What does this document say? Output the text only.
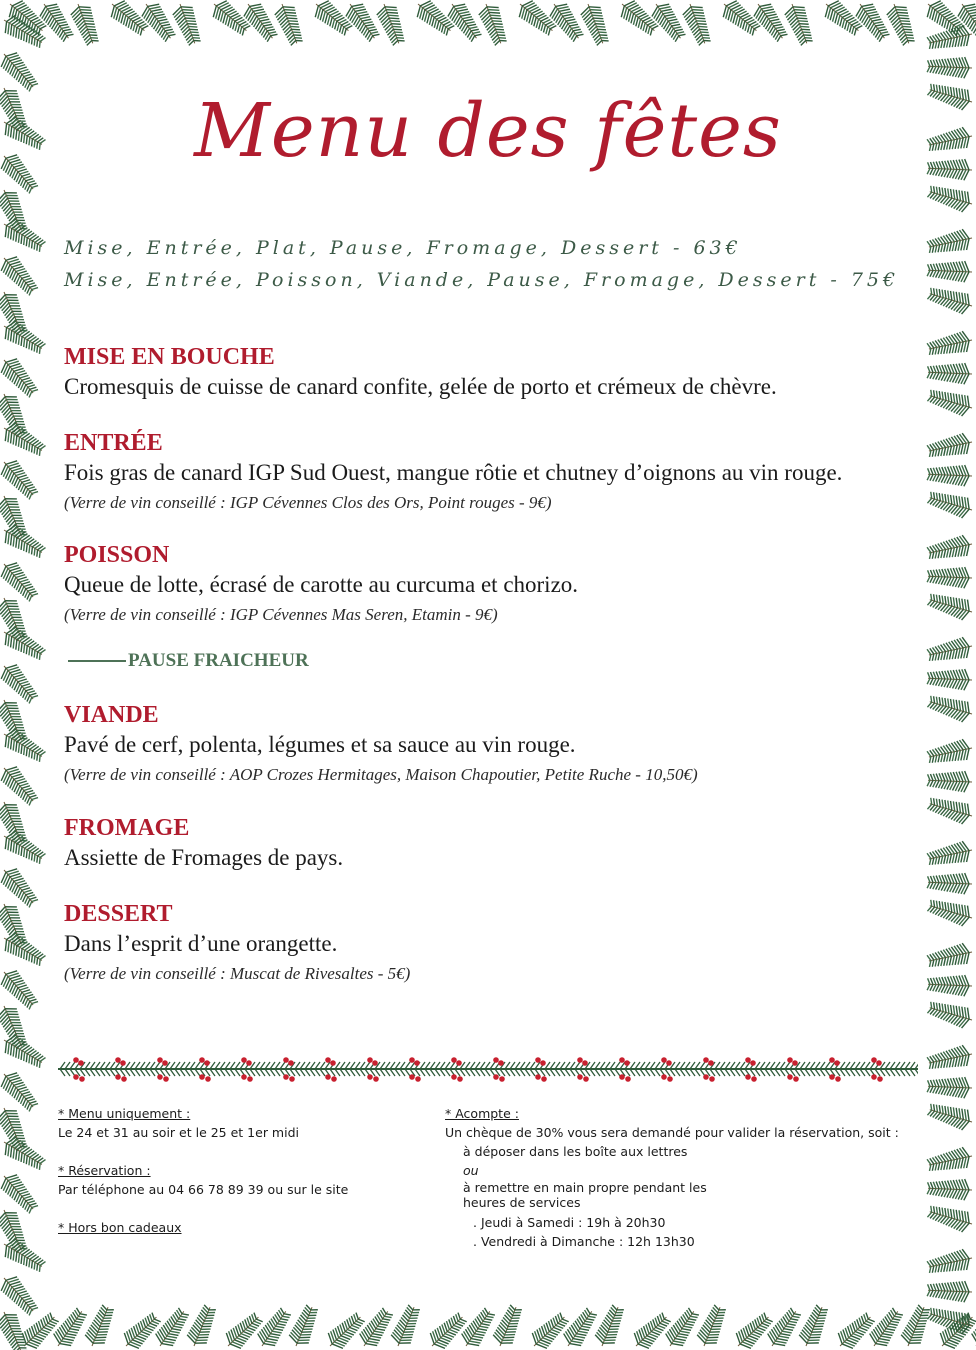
Menu des fêtes
Mise, Entrée, Plat, Pause, Fromage, Dessert - 63€
Mise, Entrée, Poisson, Viande, Pause, Fromage, Dessert - 75€
MISE EN BOUCHE
Cromesquis de cuisse de canard confite, gelée de porto et crémeux de chèvre.
ENTRÉE
Fois gras de canard IGP Sud Ouest, mangue rôtie et chutney d’oignons au vin rouge.
(Verre de vin conseillé : IGP Cévennes Clos des Ors, Point rouges - 9€)
POISSON
Queue de lotte, écrasé de carotte au curcuma et chorizo.
(Verre de vin conseillé : IGP Cévennes Mas Seren, Etamin - 9€)
VIANDE
Pavé de cerf, polenta, légumes et sa sauce au vin rouge.
(Verre de vin conseillé : AOP Crozes Hermitages, Maison Chapoutier, Petite Ruche - 10,50€)
FROMAGE
Assiette de Fromages de pays.
DESSERT
Dans l’esprit d’une orangette.
(Verre de vin conseillé : Muscat de Rivesaltes - 5€)
PAUSE FRAICHEUR
* Menu uniquement :
Le 24 et 31 au soir et le 25 et 1er midi
* Réservation :
Par téléphone au 04 66 78 89 39 ou sur le site
* Hors bon cadeaux
* Acompte :
Un chèque de 30% vous sera demandé pour valider la réservation, soit :
à déposer dans les boîte aux lettres
ou
à remettre en main propre pendant les
heures de services
. Jeudi à Samedi : 19h à 20h30
. Vendredi à Dimanche : 12h 13h30
